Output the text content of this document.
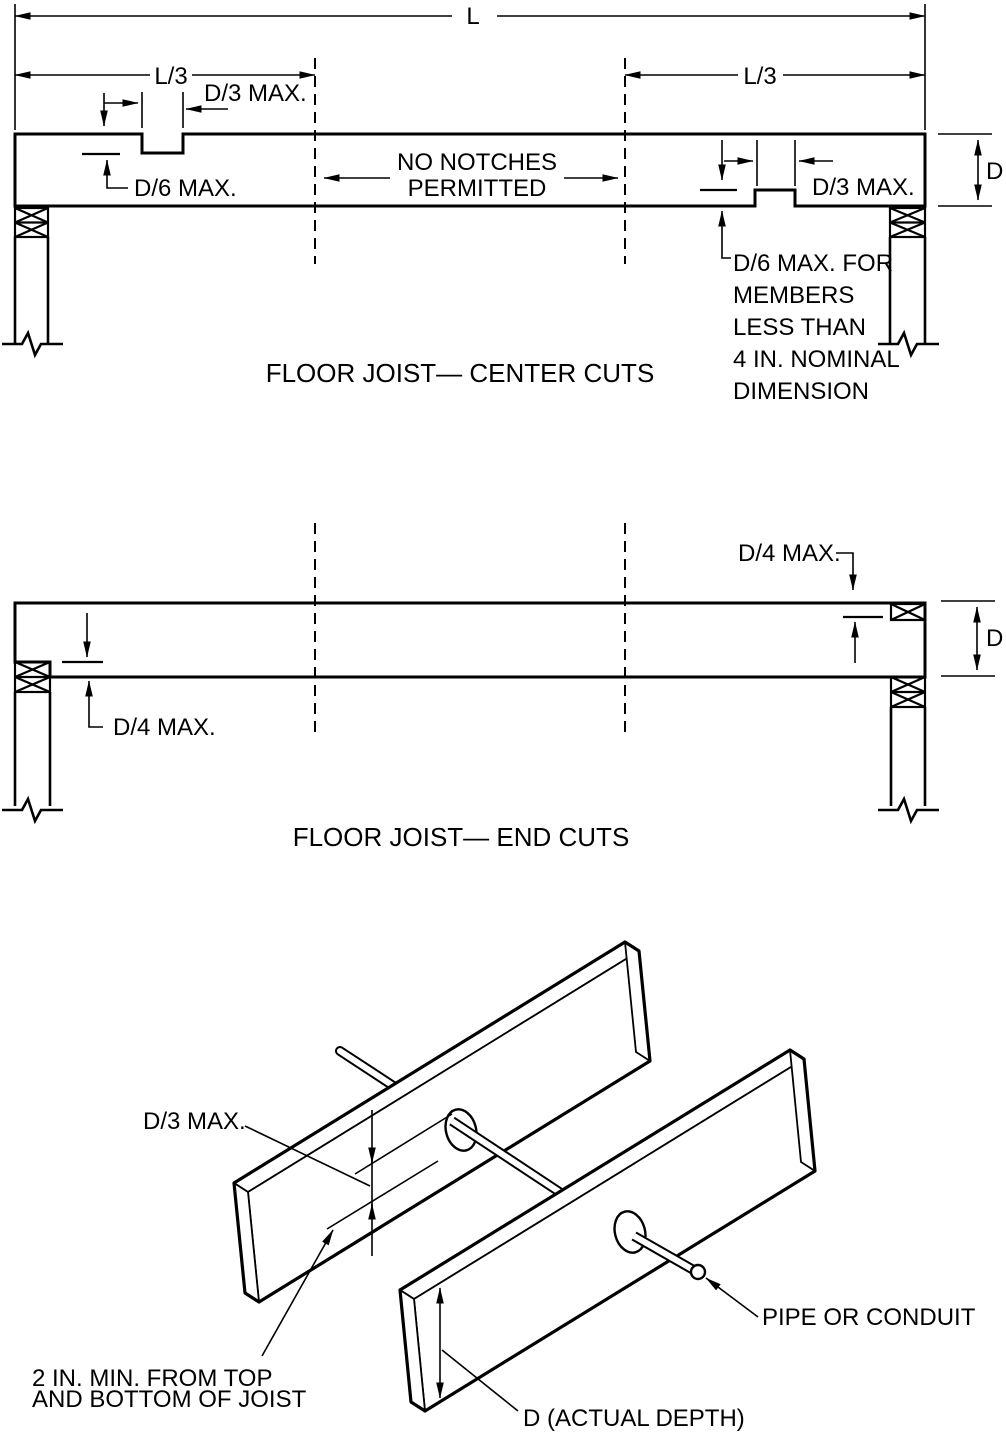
L
L/3	L/3
D/3 MAX.
D/6 MAX.
NO NOTCHES
PERMITTED	D/3 MAX.
D/6 MAX. FOR
MEMBERS
LESS THAN
4 IN. NOMINAL
DIMENSION
D
FLOOR JOIST— CENTER CUTS
D/4 MAX.
D/4 MAX.
D
FLOOR JOIST— END CUTS
D/3 MAX.
2 IN. MIN. FROM TOP
AND BOTTOM OF JOIST
D (ACTUAL DEPTH)
PIPE OR CONDUIT
